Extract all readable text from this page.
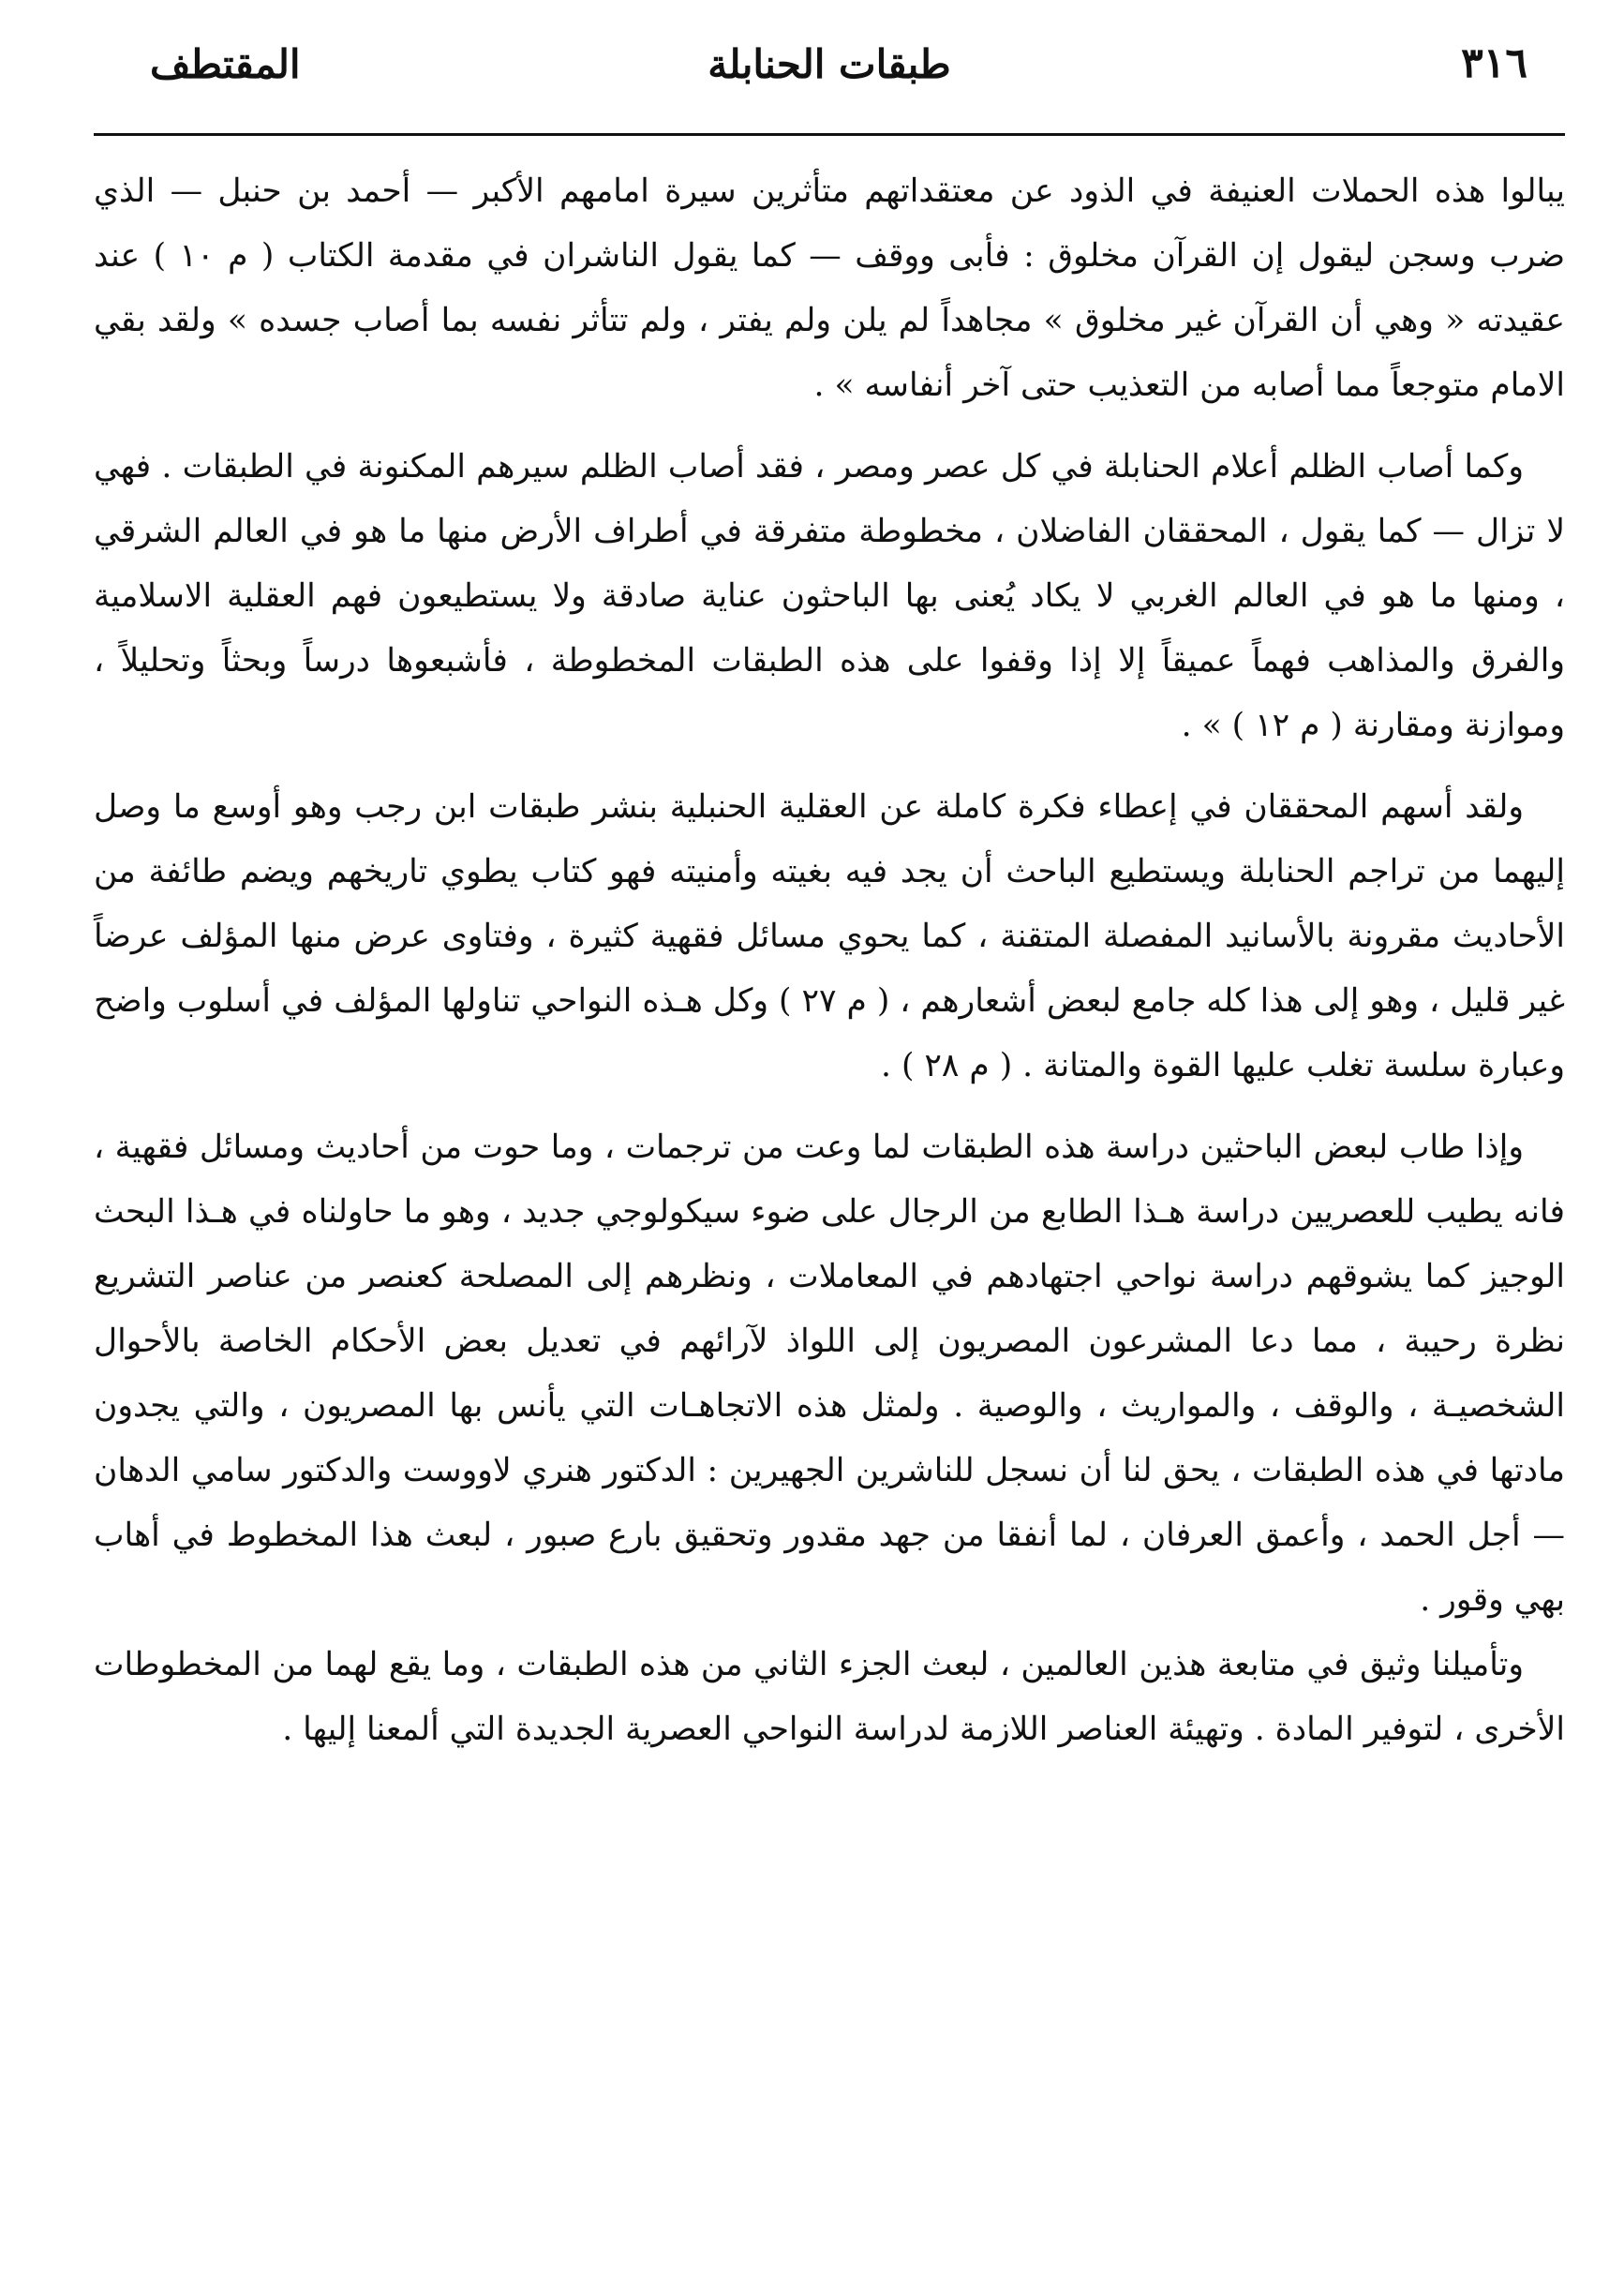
٣١٦
طبقات الحنابلة
المقتطف

يبالوا هذه الحملات العنيفة في الذود عن معتقداتهم متأثرين سيرة امامهم الأكبر — أحمد بن حنبل — الذي ضرب وسجن ليقول إن القرآن مخلوق : فأبى ووقف — كما يقول الناشران في مقدمة الكتاب ( م ١٠ ) عند عقيدته « وهي أن القرآن غير مخلوق » مجاهداً لم يلن ولم يفتر ، ولم تتأثر نفسه بما أصاب جسده » ولقد بقي الامام متوجعاً مما أصابه من التعذيب حتى آخر أنفاسه » .

وكما أصاب الظلم أعلام الحنابلة في كل عصر ومصر ، فقد أصاب الظلم سيرهم المكنونة في الطبقات . فهي لا تزال — كما يقول ، المحققان الفاضلان ، مخطوطة متفرقة في أطراف الأرض منها ما هو في العالم الشرقي ، ومنها ما هو في العالم الغربي لا يكاد يُعنى بها الباحثون عناية صادقة ولا يستطيعون فهم العقلية الاسلامية والفرق والمذاهب فهماً عميقاً إلا إذا وقفوا على هذه الطبقات المخطوطة ، فأشبعوها درساً وبحثاً وتحليلاً ، وموازنة ومقارنة ( م ١٢ ) » .

ولقد أسهم المحققان في إعطاء فكرة كاملة عن العقلية الحنبلية بنشر طبقات ابن رجب وهو أوسع ما وصل إليهما من تراجم الحنابلة ويستطيع الباحث أن يجد فيه بغيته وأمنيته فهو كتاب يطوي تاريخهم ويضم طائفة من الأحاديث مقرونة بالأسانيد المفصلة المتقنة ، كما يحوي مسائل فقهية كثيرة ، وفتاوى عرض منها المؤلف عرضاً غير قليل ، وهو إلى هذا كله جامع لبعض أشعارهم ، ( م ٢٧ ) وكل هـذه النواحي تناولها المؤلف في أسلوب واضح وعبارة سلسة تغلب عليها القوة والمتانة . ( م ٢٨ ) .

وإذا طاب لبعض الباحثين دراسة هذه الطبقات لما وعت من ترجمات ، وما حوت من أحاديث ومسائل فقهية ، فانه يطيب للعصريين دراسة هـذا الطابع من الرجال على ضوء سيكولوجي جديد ، وهو ما حاولناه في هـذا البحث الوجيز كما يشوقهم دراسة نواحي اجتهادهم في المعاملات ، ونظرهم إلى المصلحة كعنصر من عناصر التشريع نظرة رحيبة ، مما دعا المشرعون المصريون إلى اللواذ لآرائهم في تعديل بعض الأحكام الخاصة بالأحوال الشخصيـة ، والوقف ، والمواريث ، والوصية . ولمثل هذه الاتجاهـات التي يأنس بها المصريون ، والتي يجدون مادتها في هذه الطبقات ، يحق لنا أن نسجل للناشرين الجهيرين : الدكتور هنري لاووست والدكتور سامي الدهان — أجل الحمد ، وأعمق العرفان ، لما أنفقا من جهد مقدور وتحقيق بارع صبور ، لبعث هذا المخطوط في أهاب بهي وقور .

وتأميلنا وثيق في متابعة هذين العالمين ، لبعث الجزء الثاني من هذه الطبقات ، وما يقع لهما من المخطوطات الأخرى ، لتوفير المادة . وتهيئة العناصر اللازمة لدراسة النواحي العصرية الجديدة التي ألمعنا إليها .
